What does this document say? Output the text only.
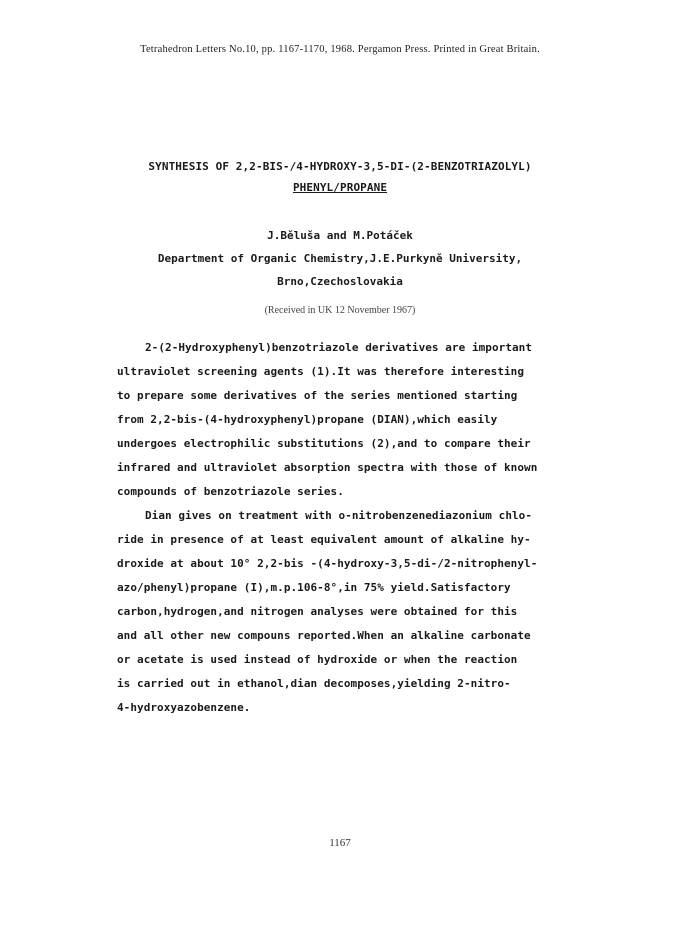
Tetrahedron Letters No.10, pp. 1167-1170, 1968. Pergamon Press. Printed in Great Britain.
SYNTHESIS OF 2,2-BIS-/4-HYDROXY-3,5-DI-(2-BENZOTRIAZOLYL)
PHENYL/PROPANE
J.Běluša and M.Potáček
Department of Organic Chemistry,J.E.Purkyně University,
Brno,Czechoslovakia
(Received in UK 12 November 1967)
2-(2-Hydroxyphenyl)benzotriazole derivatives are important
ultraviolet screening agents (1).It was therefore interesting
to prepare some derivatives of the series mentioned starting
from 2,2-bis-(4-hydroxyphenyl)propane (DIAN),which easily
undergoes electrophilic substitutions (2),and to compare their
infrared and ultraviolet absorption spectra with those of known
compounds of benzotriazole series.
Dian gives on treatment with o-nitrobenzenediazonium chlo-
ride in presence of at least equivalent amount of alkaline hy-
droxide at about 10° 2,2-bis -(4-hydroxy-3,5-di-/2-nitrophenyl-
azo/phenyl)propane (I),m.p.106-8°,in 75% yield.Satisfactory
carbon,hydrogen,and nitrogen analyses were obtained for this
and all other new compouns reported.When an alkaline carbonate
or acetate is used instead of hydroxide or when the reaction
is carried out in ethanol,dian decomposes,yielding 2-nitro-
4-hydroxyazobenzene.
1167
